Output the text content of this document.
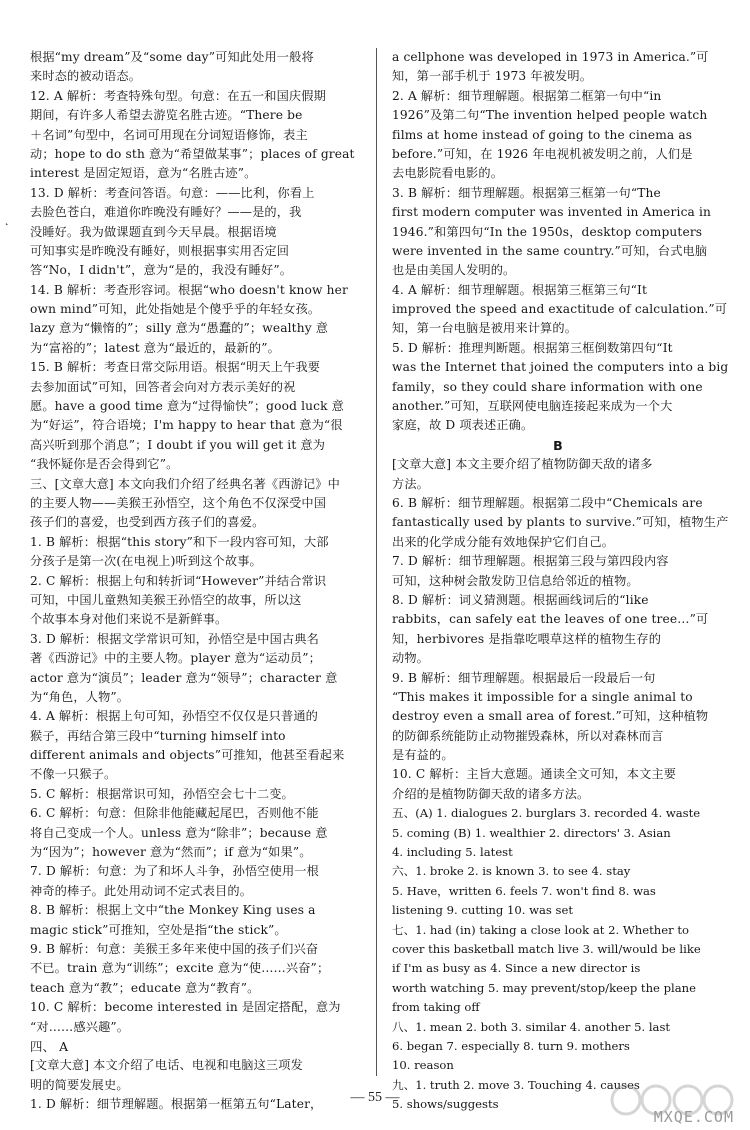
根据“my dream”及“some day”可知此处用一般将
来时态的被动语态。
12. A 解析：考查特殊句型。句意：在五一和国庆假期
期间，有许多人希望去游览名胜古迹。“There be
＋名词”句型中，名词可用现在分词短语修饰，表主
动；hope to do sth 意为“希望做某事”；places of great
interest 是固定短语，意为“名胜古迹”。
13. D 解析：考查问答语。句意：——比利，你看上
去脸色苍白，难道你昨晚没有睡好？——是的，我
没睡好。我为做课题直到今天早晨。根据语境
可知事实是昨晚没有睡好，则根据事实用否定回
答“No，I didn't”，意为“是的，我没有睡好”。
14. B 解析：考查形容词。根据“who doesn't know her
own mind”可知，此处指她是个傻乎乎的年轻女孩。
lazy 意为“懒惰的”；silly 意为“愚蠢的”；wealthy 意
为“富裕的”；latest 意为“最近的，最新的”。
15. B 解析：考查日常交际用语。根据“明天上午我要
去参加面试”可知，回答者会向对方表示美好的祝
愿。have a good time 意为“过得愉快”；good luck 意
为“好运”，符合语境；I'm happy to hear that 意为“很
高兴听到那个消息”；I doubt if you will get it 意为
“我怀疑你是否会得到它”。
三、[文章大意] 本文向我们介绍了经典名著《西游记》中
的主要人物——美猴王孙悟空，这个角色不仅深受中国
孩子们的喜爱，也受到西方孩子们的喜爱。
1. B 解析：根据“this story”和下一段内容可知，大部
分孩子是第一次(在电视上)听到这个故事。
2. C 解析：根据上句和转折词“However”并结合常识
可知，中国儿童熟知美猴王孙悟空的故事，所以这
个故事本身对他们来说不是新鲜事。
3. D 解析：根据文学常识可知，孙悟空是中国古典名
著《西游记》中的主要人物。player 意为“运动员”；
actor 意为“演员”；leader 意为“领导”；character 意
为“角色，人物”。
4. A 解析：根据上句可知，孙悟空不仅仅是只普通的
猴子，再结合第三段中“turning himself into
different animals and objects”可推知，他甚至看起来
不像一只猴子。
5. C 解析：根据常识可知，孙悟空会七十二变。
6. C 解析：句意：但除非他能藏起尾巴，否则他不能
将自己变成一个人。unless 意为“除非”；because 意
为“因为”；however 意为“然而”；if 意为“如果”。
7. D 解析：句意：为了和坏人斗争，孙悟空使用一根
神奇的棒子。此处用动词不定式表目的。
8. B 解析：根据上文中“the Monkey King uses a
magic stick”可推知，空处是指“the stick”。
9. B 解析：句意：美猴王多年来使中国的孩子们兴奋
不已。train 意为“训练”；excite 意为“使……兴奋”；
teach 意为“教”；educate 意为“教育”。
10. C 解析：become interested in 是固定搭配，意为
“对……感兴趣”。
四、 A
[文章大意] 本文介绍了电话、电视和电脑这三项发
明的简要发展史。
1. D 解析：细节理解题。根据第一框第五句“Later，
a cellphone was developed in 1973 in America.”可
知，第一部手机于 1973 年被发明。
2. A 解析：细节理解题。根据第二框第一句中“in
1926”及第二句“The invention helped people watch
films at home instead of going to the cinema as
before.”可知，在 1926 年电视机被发明之前，人们是
去电影院看电影的。
3. B 解析：细节理解题。根据第三框第一句“The
first modern computer was invented in America in
1946.”和第四句“In the 1950s，desktop computers
were invented in the same country.”可知，台式电脑
也是由美国人发明的。
4. A 解析：细节理解题。根据第三框第三句“It
improved the speed and exactitude of calculation.”可
知，第一台电脑是被用来计算的。
5. D 解析：推理判断题。根据第三框倒数第四句“It
was the Internet that joined the computers into a big
family，so they could share information with one
another.”可知，互联网使电脑连接起来成为一个大
家庭，故 D 项表述正确。
B
[文章大意] 本文主要介绍了植物防御天敌的诸多
方法。
6. B 解析：细节理解题。根据第二段中“Chemicals are
fantastically used by plants to survive.”可知，植物生产
出来的化学成分能有效地保护它们自己。
7. D 解析：细节理解题。根据第三段与第四段内容
可知，这种树会散发防卫信息给邻近的植物。
8. D 解析：词义猜测题。根据画线词后的“like
rabbits，can safely eat the leaves of one tree…”可
知，herbivores 是指靠吃喂草这样的植物生存的
动物。
9. B 解析：细节理解题。根据最后一段最后一句
“This makes it impossible for a single animal to
destroy even a small area of forest.”可知，这种植物
的防御系统能防止动物摧毁森林，所以对森林而言
是有益的。
10. C 解析：主旨大意题。通读全文可知，本文主要
介绍的是植物防御天敌的诸多方法。
五、(A) 1. dialogues 2. burglars 3. recorded 4. waste
5. coming (B) 1. wealthier 2. directors' 3. Asian
4. including 5. latest
六、1. broke 2. is known 3. to see 4. stay
5. Have，written 6. feels 7. won't find 8. was
listening 9. cutting 10. was set
七、1. had (in) taking a close look at 2. Whether to
cover this basketball match live 3. will/would be like
if I'm as busy as 4. Since a new director is
worth watching 5. may prevent/stop/keep the plane
from taking off
八、1. mean 2. both 3. similar 4. another 5. last
6. began 7. especially 8. turn 9. mothers
10. reason
九、1. truth 2. move 3. Touching 4. causes
5. shows/suggests
˛
— 55 —
MXQE.COM
